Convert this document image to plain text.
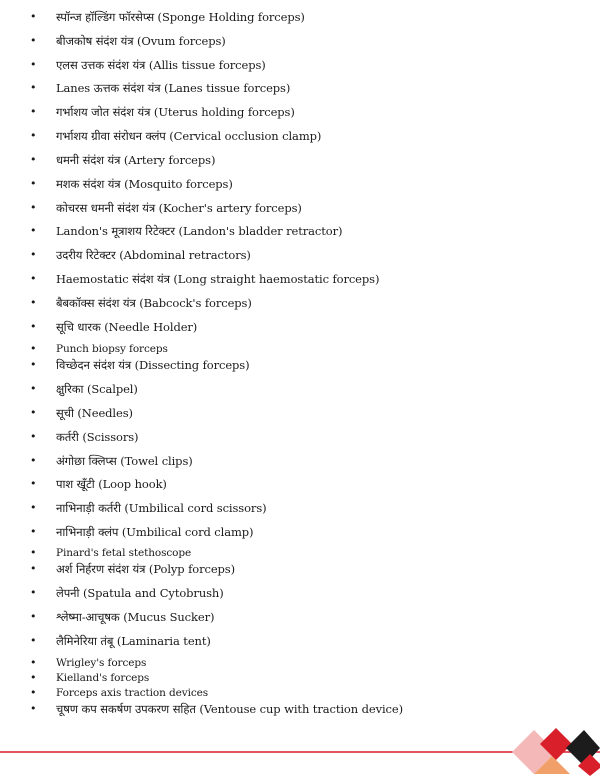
•	स्पॉन्ज हॉल्डिंग फॉरसेप्स (Sponge Holding forceps)
•	बीजकोष संदंश यंत्र (Ovum forceps)
•	एलस उत्तक संदंश यंत्र (Allis tissue forceps)
•	Lanes ऊत्तक संदंश यंत्र (Lanes tissue forceps)
•	गर्भाशय जोत संदंश यंत्र (Uterus holding forceps)
•	गर्भाशय ग्रीवा संरोधन क्लंप (Cervical occlusion clamp)
•	धमनी संदंश यंत्र (Artery forceps)
•	मशक संदंश यंत्र (Mosquito forceps)
•	कोचरस धमनी संदंश यंत्र (Kocher's artery forceps)
•	Landon's मूत्राशय रिटेक्टर (Landon's bladder retractor)
•	उदरीय रिटेक्टर (Abdominal retractors)
•	Haemostatic संदंश यंत्र (Long straight haemostatic forceps)
•	बैबकॉक्स संदंश यंत्र (Babcock's forceps)
•	सूचि धारक (Needle Holder)
•	Punch biopsy forceps
•	विच्छेदन संदंश यंत्र (Dissecting forceps)
•	क्षुरिका (Scalpel)
•	सूची (Needles)
•	कर्तरी (Scissors)
•	अंगोछा क्लिप्स (Towel clips)
•	पाश खूँटी (Loop hook)
•	नाभिनाड़ी कर्तरी (Umbilical cord scissors)
•	नाभिनाड़ी क्लंप (Umbilical cord clamp)
•	Pinard's fetal stethoscope
•	अर्श निर्हरण संदंश यंत्र (Polyp forceps)
•	लेपनी (Spatula and Cytobrush)
•	श्लेष्मा-आचूषक (Mucus Sucker)
•	लैमिनेरिया तंबू (Laminaria tent)
•	Wrigley's forceps
•	Kielland's forceps
•	Forceps axis traction devices
•	चूषण कप सकर्षण उपकरण सहित (Ventouse cup with traction device)
